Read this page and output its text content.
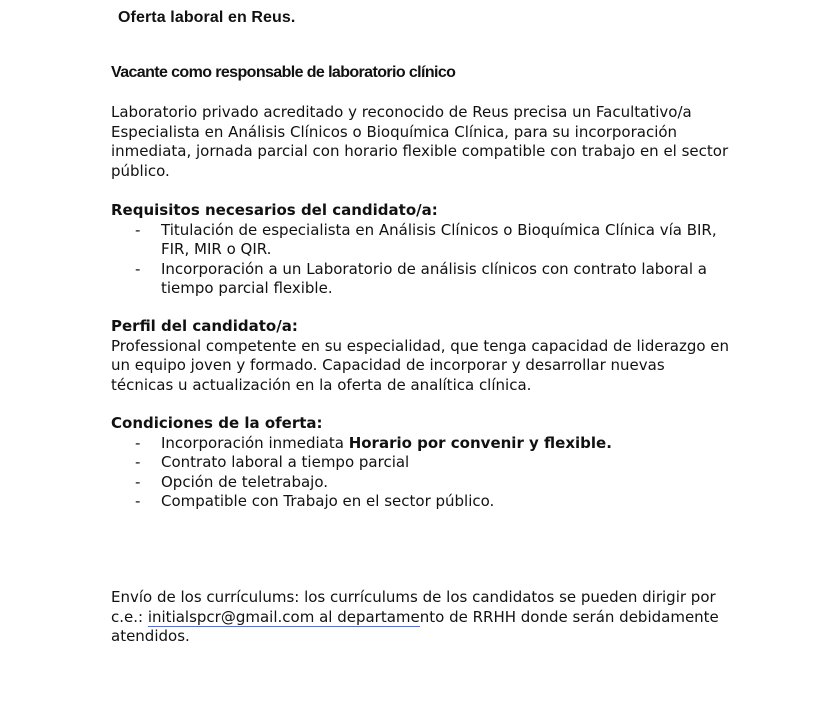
Oferta laboral en Reus.
Vacante como responsable de laboratorio clínico

Laboratorio privado acreditado y reconocido de Reus precisa un Facultativo/a Especialista en Análisis Clínicos o Bioquímica Clínica, para su incorporación inmediata, jornada parcial con horario flexible compatible con trabajo en el sector público.

Requisitos necesarios del candidato/a:

- Titulación de especialista en Análisis Clínicos o Bioquímica Clínica vía BIR, FIR, MIR o QIR.
- Incorporación a un Laboratorio de análisis clínicos con contrato laboral a tiempo parcial flexible.

Perfil del candidato/a:

Professional competente en su especialidad, que tenga capacidad de liderazgo en un equipo joven y formado. Capacidad de incorporar y desarrollar nuevas técnicas u actualización en la oferta de analítica clínica.

Condiciones de la oferta:

- Incorporación inmediata Horario por convenir y flexible.
- Contrato laboral a tiempo parcial
- Opción de teletrabajo.
- Compatible con Trabajo en el sector público.

Envío de los currículums: los currículums de los candidatos se pueden dirigir por c.e.: initialspcr@gmail.com al departamento de RRHH donde serán debidamente atendidos.
